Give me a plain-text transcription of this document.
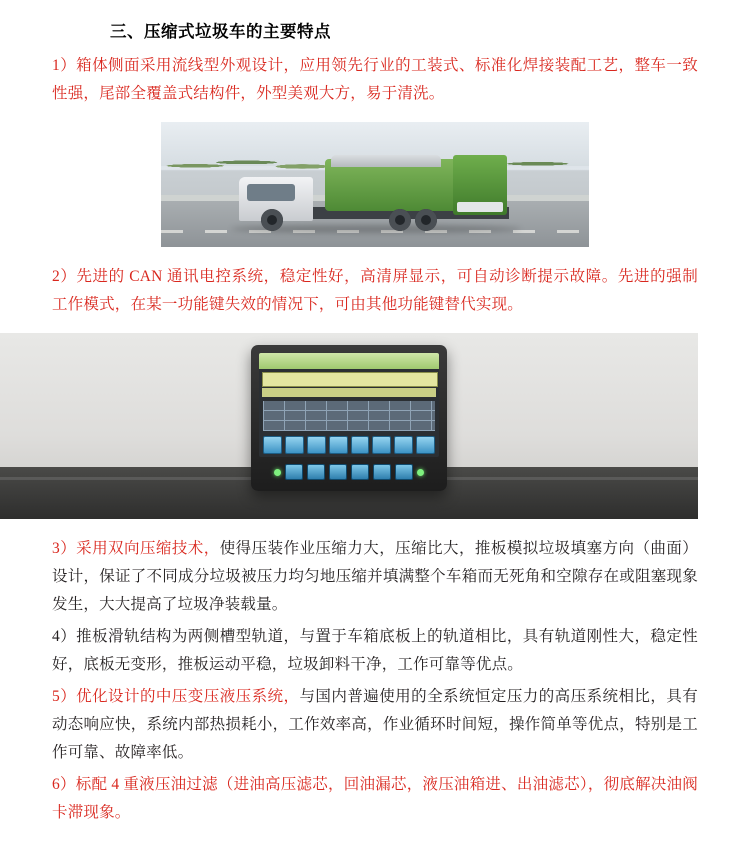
三、压缩式垃圾车的主要特点

1）箱体侧面采用流线型外观设计，应用领先行业的工装式、标准化焊接装配工艺，整车一致性强，尾部全覆盖式结构件，外型美观大方，易于清洗。

2）先进的 CAN 通讯电控系统，稳定性好，高清屏显示，可自动诊断提示故障。先进的强制工作模式，在某一功能键失效的情况下，可由其他功能键替代实现。

3）采用双向压缩技术，使得压装作业压缩力大，压缩比大，推板模拟垃圾填塞方向（曲面）设计，保证了不同成分垃圾被压力均匀地压缩并填满整个车箱而无死角和空隙存在或阻塞现象发生，大大提高了垃圾净装载量。

4）推板滑轨结构为两侧槽型轨道，与置于车箱底板上的轨道相比，具有轨道刚性大，稳定性好，底板无变形，推板运动平稳，垃圾卸料干净，工作可靠等优点。

5）优化设计的中压变压液压系统，与国内普遍使用的全系统恒定压力的高压系统相比，具有动态响应快，系统内部热损耗小，工作效率高，作业循环时间短，操作简单等优点，特别是工作可靠、故障率低。

6）标配 4 重液压油过滤（进油高压滤芯，回油漏芯，液压油箱进、出油滤芯），彻底解决油阀卡滞现象。
